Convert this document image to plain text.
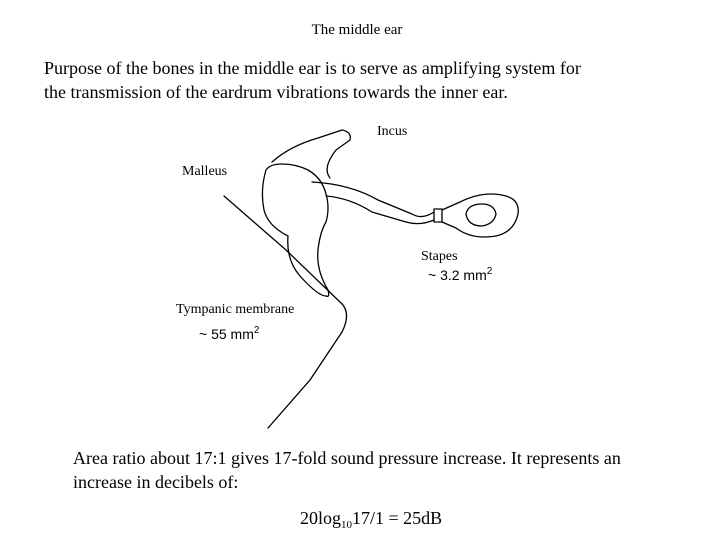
The middle ear
Purpose of the bones in the middle ear is to serve as amplifying system for
the transmission of the eardrum vibrations towards the inner ear.
Incus
Malleus
Stapes
~ 3.2 $mm^2$
Tympanic membrane
~ 55 $mm^2$
Area ratio about 17:1 gives 17-fold sound pressure increase. It represents an
increase in decibels of:
$20\log_{10}17/1 = 25dB$
